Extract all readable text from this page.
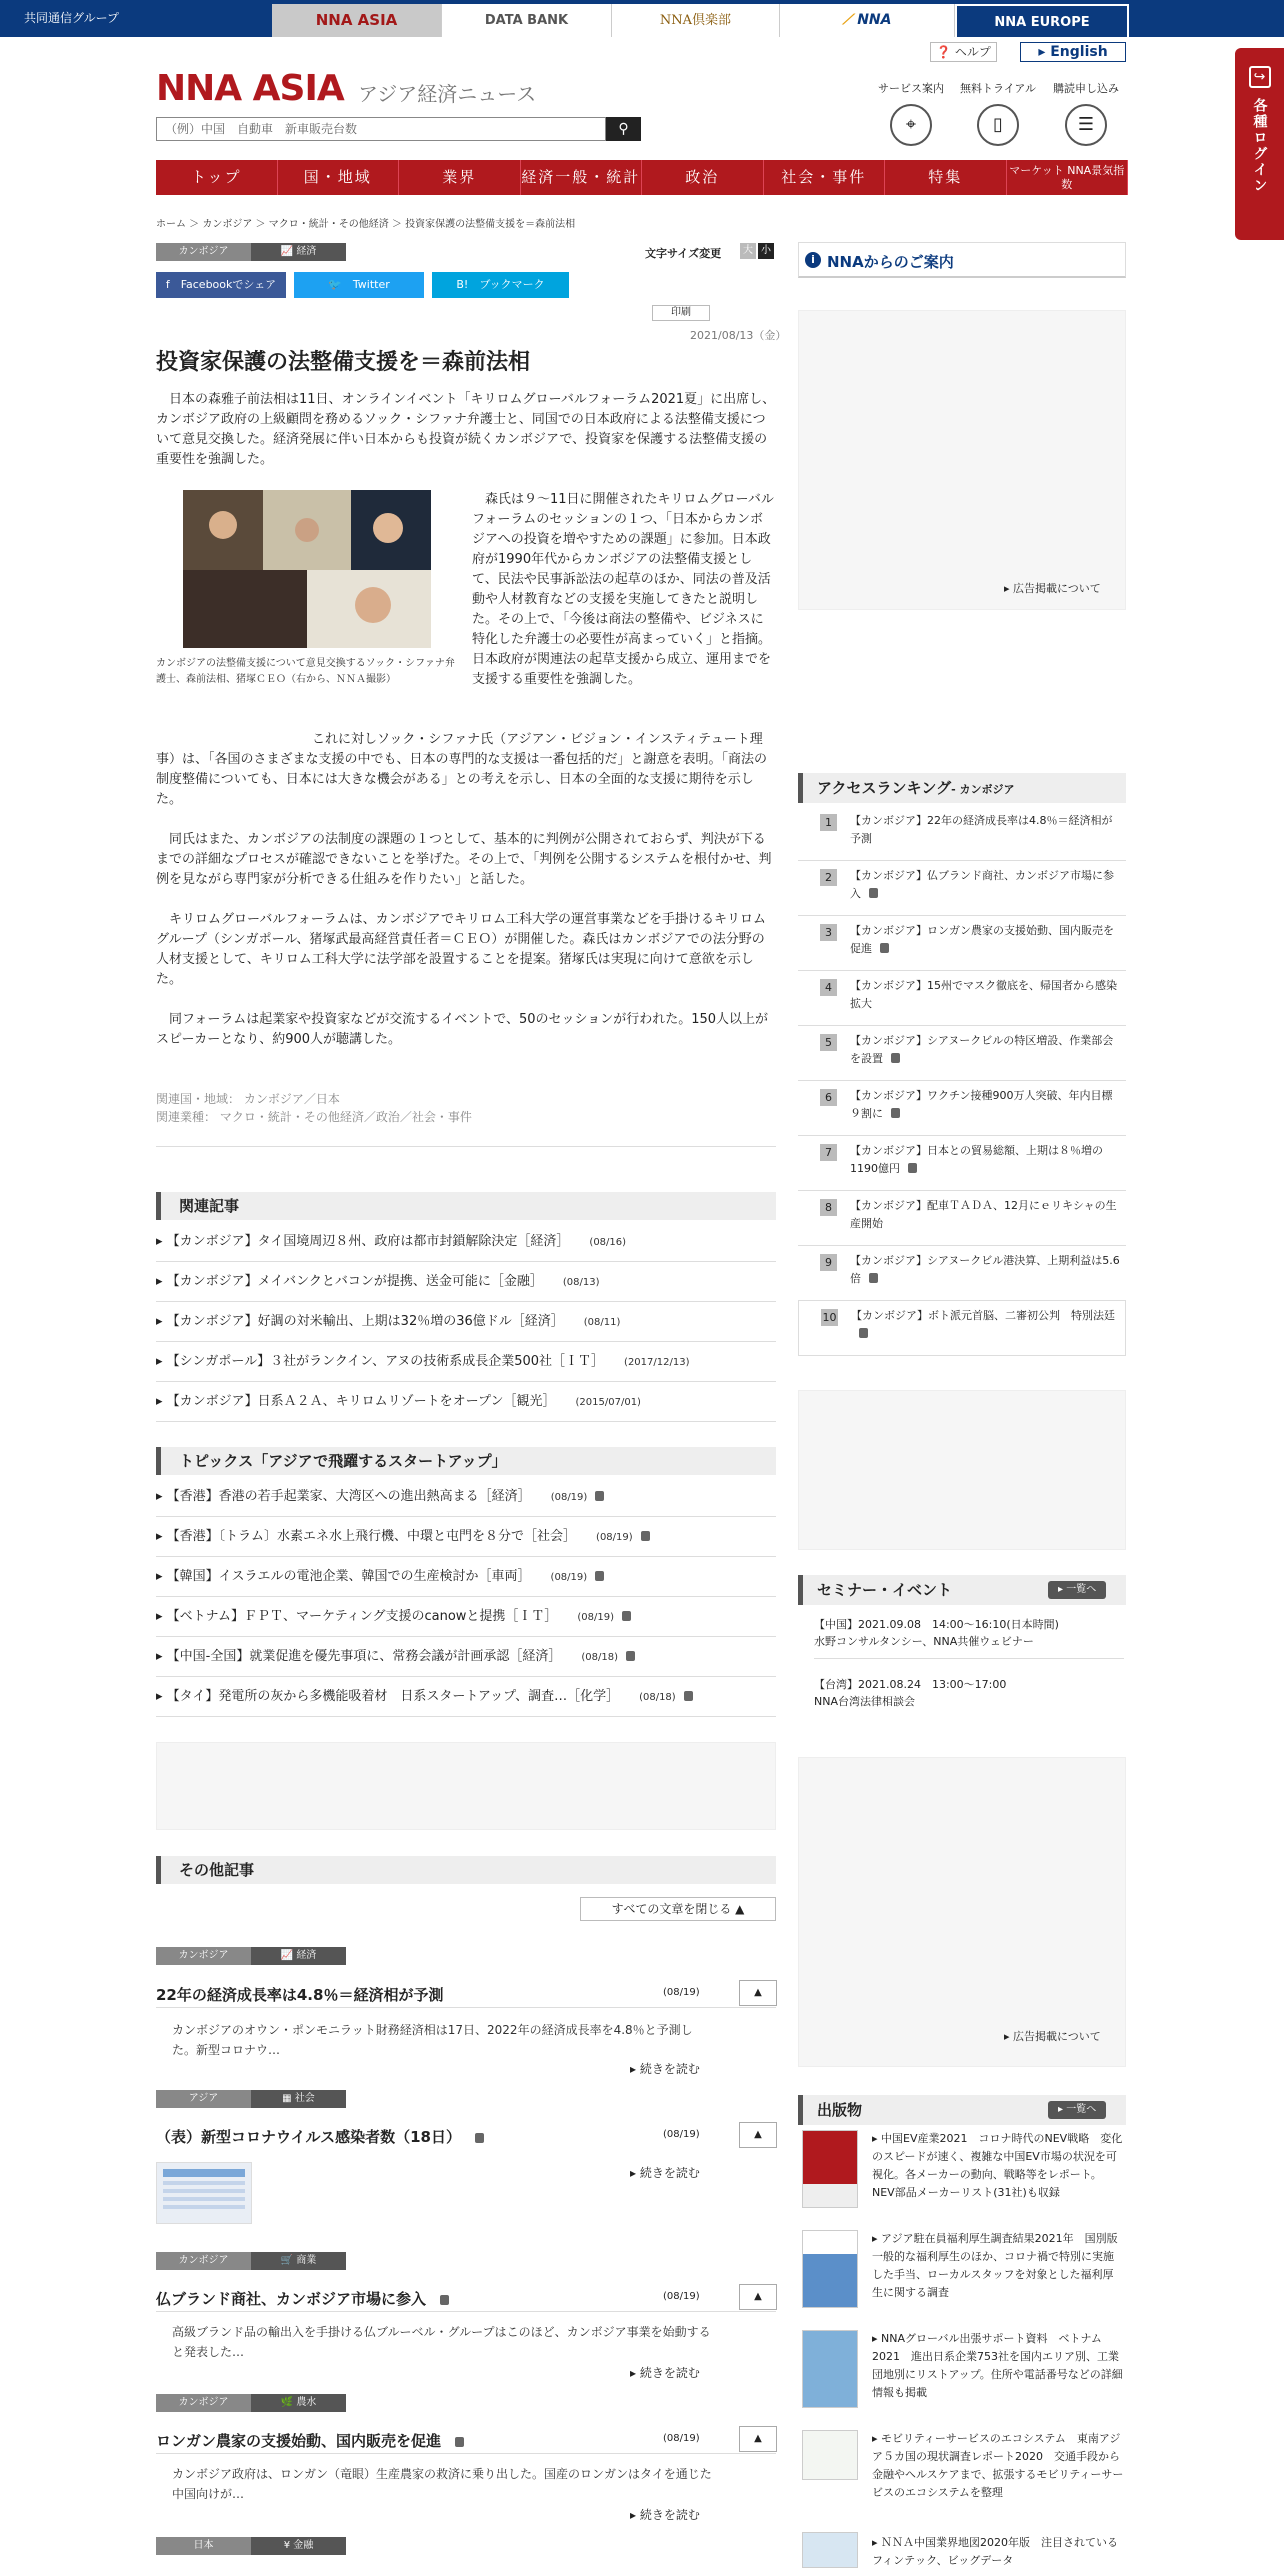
共同通信グループ	NNA ASIA	DATA BANK	NNA倶楽部	⟋ NNA	NNA EUROPE
↪
各種ログイン
NNA ASIA アジア経済ニュース
❓ ヘルプ	▸ English
サービス案内
⌖
無料トライアル
▯
購読申し込み
☰
（例）中国　自動車　新車販売台数	⚲
トップ	国・地域	業界	経済一般・統計	政治	社会・事件	特集	マーケット NNA景気指数
ホーム ＞ カンボジア ＞ マクロ・統計・その他経済 ＞ 投資家保護の法整備支援を＝森前法相
カンボジア	📈 経済	文字サイズ変更	大 小
f　 Facebookでシェア	🐦　 Twitter	B!　 ブックマーク
印刷
2021/08/13（金）
投資家保護の法整備支援を＝森前法相
日本の森雅子前法相は11日、オンラインイベント「キリロムグローバルフォーラム2021夏」に出席し、カンボジア政府の上級顧問を務めるソック・シファナ弁護士と、同国での日本政府による法整備支援について意見交換した。経済発展に伴い日本からも投資が続くカンボジアで、投資家を保護する法整備支援の重要性を強調した。
カンボジアの法整備支援について意見交換するソック・シファナ弁護士、森前法相、猪塚ＣＥＯ（右から、ＮＮＡ撮影）
森氏は９～11日に開催されたキリロムグローバルフォーラムのセッションの１つ、「日本からカンボジアへの投資を増やすための課題」に参加。日本政府が1990年代からカンボジアの法整備支援として、民法や民事訴訟法の起草のほか、同法の普及活動や人材教育などの支援を実施してきたと説明した。その上で、「今後は商法の整備や、ビジネスに特化した弁護士の必要性が高まっていく」と指摘。日本政府が関連法の起草支援から成立、運用までを支援する重要性を強調した。
これに対しソック・シファナ氏（アジアン・ビジョン・インスティテュート理事）は、「各国のさまざまな支援の中でも、日本の専門的な支援は一番包括的だ」と謝意を表明。「商法の制度整備についても、日本には大きな機会がある」との考えを示し、日本の全面的な支援に期待を示した。
同氏はまた、カンボジアの法制度の課題の１つとして、基本的に判例が公開されておらず、判決が下るまでの詳細なプロセスが確認できないことを挙げた。その上で、「判例を公開するシステムを根付かせ、判例を見ながら専門家が分析できる仕組みを作りたい」と話した。
キリロムグローバルフォーラムは、カンボジアでキリロム工科大学の運営事業などを手掛けるキリロムグループ（シンガポール、猪塚武最高経営責任者＝ＣＥＯ）が開催した。森氏はカンボジアでの法分野の人材支援として、キリロム工科大学に法学部を設置することを提案。猪塚氏は実現に向けて意欲を示した。
同フォーラムは起業家や投資家などが交流するイベントで、50のセッションが行われた。150人以上がスピーカーとなり、約900人が聴講した。
関連国・地域： カンボジア／日本
関連業種： マクロ・統計・その他経済／政治／社会・事件
関連記事
▸ 【カンボジア】タイ国境周辺８州、政府は都市封鎖解除決定［経済］ (08/16)
▸ 【カンボジア】メイバンクとバコンが提携、送金可能に［金融］ (08/13)
▸ 【カンボジア】好調の対米輸出、上期は32％増の36億ドル［経済］ (08/11)
▸ 【シンガポール】３社がランクイン、アヌの技術系成長企業500社［ＩＴ］ (2017/12/13)
▸ 【カンボジア】日系Ａ２Ａ、キリロムリゾートをオープン［観光］ (2015/07/01)
トピックス「アジアで飛躍するスタートアップ」
▸ 【香港】香港の若手起業家、大湾区への進出熱高まる［経済］ (08/19)
▸ 【香港】〔トラム〕水素エネ水上飛行機、中環と屯門を８分で［社会］ (08/19)
▸ 【韓国】イスラエルの電池企業、韓国での生産検討か［車両］ (08/19)
▸ 【ベトナム】ＦＰＴ、マーケティング支援のcanowと提携［ＩＴ］ (08/19)
▸ 【中国-全国】就業促進を優先事項に、常務会議が計画承認［経済］ (08/18)
▸ 【タイ】発電所の灰から多機能吸着材　日系スタートアップ、調査…［化学］ (08/18)
その他記事
すべての文章を閉じる ▲
カンボジア	📈 経済
22年の経済成長率は4.8％＝経済相が予測	(08/19)	▲
カンボジアのオウン・ポンモニラット財務経済相は17日、2022年の経済成長率を4.8％と予測した。新型コロナウ…
▸ 続きを読む
アジア	▦ 社会
（表）新型コロナウイルス感染者数（18日）	(08/19)	▲
▸ 続きを読む
カンボジア	🛒 商業
仏ブランド商社、カンボジア市場に参入	(08/19)	▲
高級ブランド品の輸出入を手掛ける仏ブルーベル・グループはこのほど、カンボジア事業を始動すると発表した…
▸ 続きを読む
カンボジア	🌿 農水
ロンガン農家の支援始動、国内販売を促進	(08/19)	▲
カンボジア政府は、ロンガン（竜眼）生産農家の救済に乗り出した。国産のロンガンはタイを通じた中国向けが…
▸ 続きを読む
日本	¥ 金融
i NNAからのご案内
▸ 広告掲載について
アクセスランキング- カンボジア
1	【カンボジア】22年の経済成長率は4.8％＝経済相が予測
2	【カンボジア】仏ブランド商社、カンボジア市場に参入
3	【カンボジア】ロンガン農家の支援始動、国内販売を促進
4	【カンボジア】15州でマスク徹底を、帰国者から感染拡大
5	【カンボジア】シアヌークビルの特区増設、作業部会を設置
6	【カンボジア】ワクチン接種900万人突破、年内目標９割に
7	【カンボジア】日本との貿易総額、上期は８％増の1190億円
8	【カンボジア】配車ＴＡＤＡ、12月にｅリキシャの生産開始
9	【カンボジア】シアヌークビル港決算、上期利益は5.6倍
10 【カンボジア】ボト派元首脳、二審初公判　特別法廷
セミナー・イベント	▸ 一覧へ
【中国】2021.09.08　14:00～16:10(日本時間)
水野コンサルタンシー、NNA共催ウェビナー
【台湾】2021.08.24　13:00～17:00
NNA台湾法律相談会
▸ 広告掲載について
出版物	▸ 一覧へ
▸ 中国EV産業2021　コロナ時代のNEV戦略　変化のスピードが速く、複雑な中国EV市場の状況を可視化。各メーカーの動向、戦略等をレポート。NEV部品メーカーリスト(31社)も収録
▸ アジア駐在員福利厚生調査結果2021年　国別版　一般的な福利厚生のほか、コロナ禍で特別に実施した手当、ローカルスタッフを対象とした福利厚生に関する調査
▸ NNAグローバル出張サポート資料　ベトナム2021　進出日系企業753社を国内エリア別、工業団地別にリストアップ。住所や電話番号などの詳細情報も掲載
▸ モビリティーサービスのエコシステム　東南アジア５カ国の現状調査レポート2020　交通手段から金融やヘルスケアまで、拡張するモビリティーサービスのエコシステムを整理
▸ ＮＮＡ中国業界地図2020年版　注目されているフィンテック、ビッグデータ
